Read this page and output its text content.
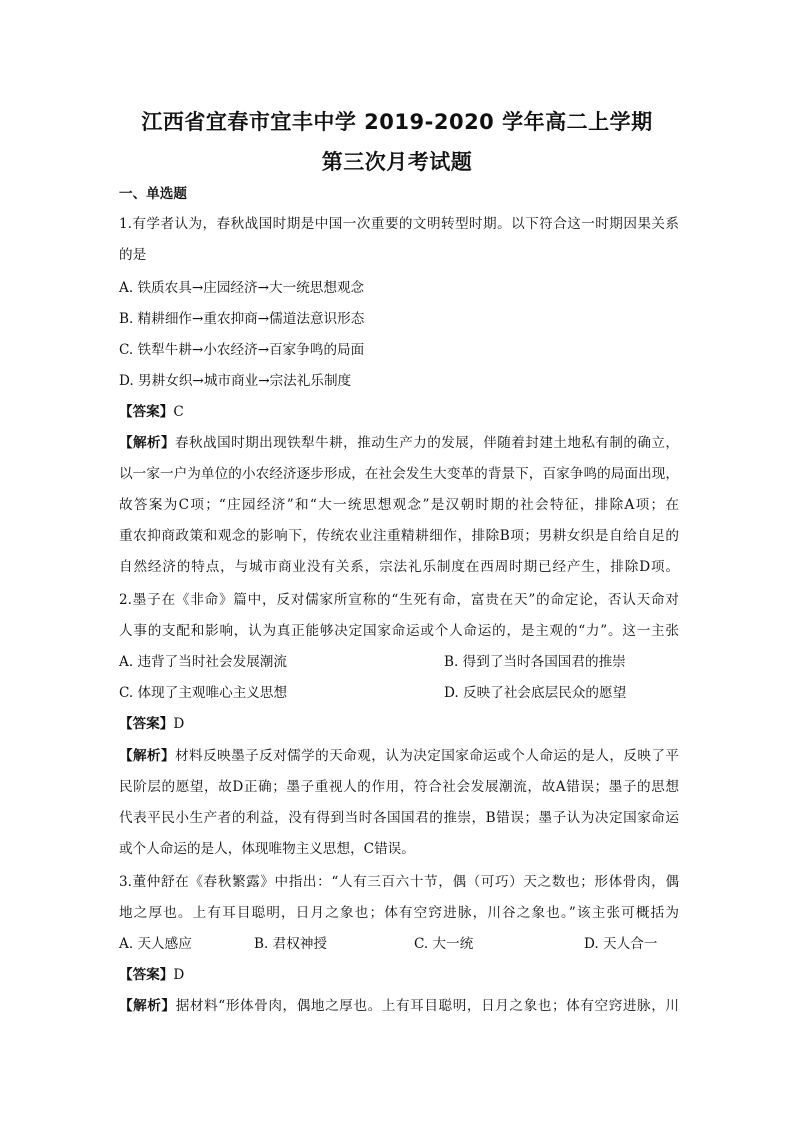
江西省宜春市宜丰中学 2019-2020 学年高二上学期
第三次月考试题
一、单选题
1.有学者认为，春秋战国时期是中国一次重要的文明转型时期。以下符合这一时期因果关系
的是
A. 铁质农具→庄园经济→大一统思想观念
B. 精耕细作→重农抑商→儒道法意识形态
C. 铁犁牛耕→小农经济→百家争鸣的局面
D. 男耕女织→城市商业→宗法礼乐制度
【答案】C
【解析】春秋战国时期出现铁犁牛耕，推动生产力的发展，伴随着封建土地私有制的确立，
以一家一户为单位的小农经济逐步形成，在社会发生大变革的背景下，百家争鸣的局面出现，
故答案为C项；“庄园经济”和“大一统思想观念”是汉朝时期的社会特征，排除A项；在
重农抑商政策和观念的影响下，传统农业注重精耕细作，排除B项；男耕女织是自给自足的
自然经济的特点，与城市商业没有关系，宗法礼乐制度在西周时期已经产生，排除D项。
2.墨子在《非命》篇中，反对儒家所宣称的“生死有命，富贵在天”的命定论，否认天命对
人事的支配和影响，认为真正能够决定国家命运或个人命运的，是主观的“力”。这一主张
A. 违背了当时社会发展潮流	B. 得到了当时各国国君的推崇
C. 体现了主观唯心主义思想	D. 反映了社会底层民众的愿望
【答案】D
【解析】材料反映墨子反对儒学的天命观，认为决定国家命运或个人命运的是人，反映了平
民阶层的愿望，故D正确；墨子重视人的作用，符合社会发展潮流，故A错误；墨子的思想
代表平民小生产者的利益，没有得到当时各国国君的推崇，B错误；墨子认为决定国家命运
或个人命运的是人，体现唯物主义思想，C错误。
3.董仲舒在《春秋繁露》中指出：“人有三百六十节，偶（可巧）天之数也；形体骨肉，偶
地之厚也。上有耳目聪明，日月之象也；体有空窍进脉，川谷之象也。”该主张可概括为
A. 天人感应	B. 君权神授	C. 大一统	D. 天人合一
【答案】D
【解析】据材料“形体骨肉，偶地之厚也。上有耳目聪明，日月之象也；体有空窍进脉，川
